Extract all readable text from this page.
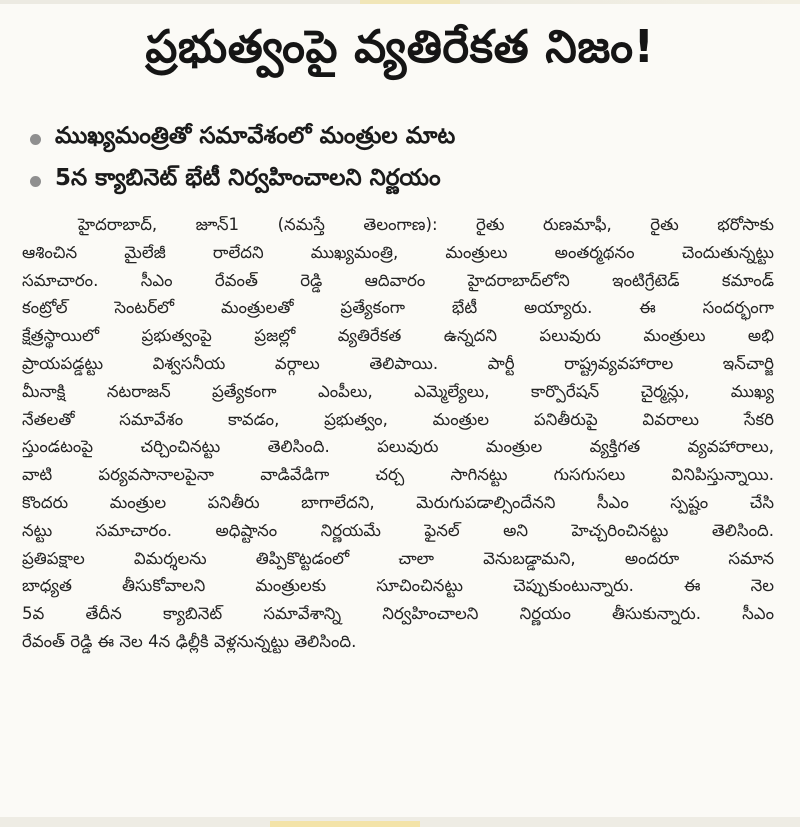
ప్రభుత్వంపై వ్యతిరేకత నిజం!
ముఖ్యమంత్రితో సమావేశంలో మంత్రుల మాట
5న క్యాబినెట్ భేటీ నిర్వహించాలని నిర్ణయం
హైదరాబాద్, జూన్1 (నమస్తే తెలంగాణ): రైతు రుణమాఫీ, రైతు భరోసాకు
ఆశించిన మైలేజీ రాలేదని ముఖ్యమంత్రి, మంత్రులు అంతర్మథనం చెందుతున్నట్టు
సమాచారం. సీఎం రేవంత్ రెడ్డి ఆదివారం హైదరాబాద్‌లోని ఇంటిగ్రేటెడ్ కమాండ్
కంట్రోల్ సెంటర్‌లో మంత్రులతో ప్రత్యేకంగా భేటీ అయ్యారు. ఈ సందర్భంగా
క్షేత్రస్థాయిలో ప్రభుత్వంపై ప్రజల్లో వ్యతిరేకత ఉన్నదని పలువురు మంత్రులు అభి
ప్రాయపడ్డట్టు విశ్వసనీయ వర్గాలు తెలిపాయి. పార్టీ రాష్ట్రవ్యవహారాల ఇన్‌చార్జి
మీనాక్షి నటరాజన్ ప్రత్యేకంగా ఎంపీలు, ఎమ్మెల్యేలు, కార్పొరేషన్ చైర్మన్లు, ముఖ్య
నేతలతో సమావేశం కావడం, ప్రభుత్వం, మంత్రుల పనితీరుపై వివరాలు సేకరి
స్తుండటంపై చర్చించినట్టు తెలిసింది. పలువురు మంత్రుల వ్యక్తిగత వ్యవహారాలు,
వాటి పర్యవసానాలపైనా వాడివేడిగా చర్చ సాగినట్టు గుసగుసలు వినిపిస్తున్నాయి.
కొందరు మంత్రుల పనితీరు బాగాలేదని, మెరుగుపడాల్సిందేనని సీఎం స్పష్టం చేసి
నట్టు సమాచారం. అధిష్టానం నిర్ణయమే ఫైనల్ అని హెచ్చరించినట్టు తెలిసింది.
ప్రతిపక్షాల విమర్శలను తిప్పికొట్టడంలో చాలా వెనుబడ్డామని, అందరూ సమాన
బాధ్యత తీసుకోవాలని మంత్రులకు సూచించినట్టు చెప్పుకుంటున్నారు. ఈ నెల
5వ తేదీన క్యాబినెట్ సమావేశాన్ని నిర్వహించాలని నిర్ణయం తీసుకున్నారు. సీఎం
రేవంత్ రెడ్డి ఈ నెల 4న ఢిల్లీకి వెళ్లనున్నట్టు తెలిసింది.
